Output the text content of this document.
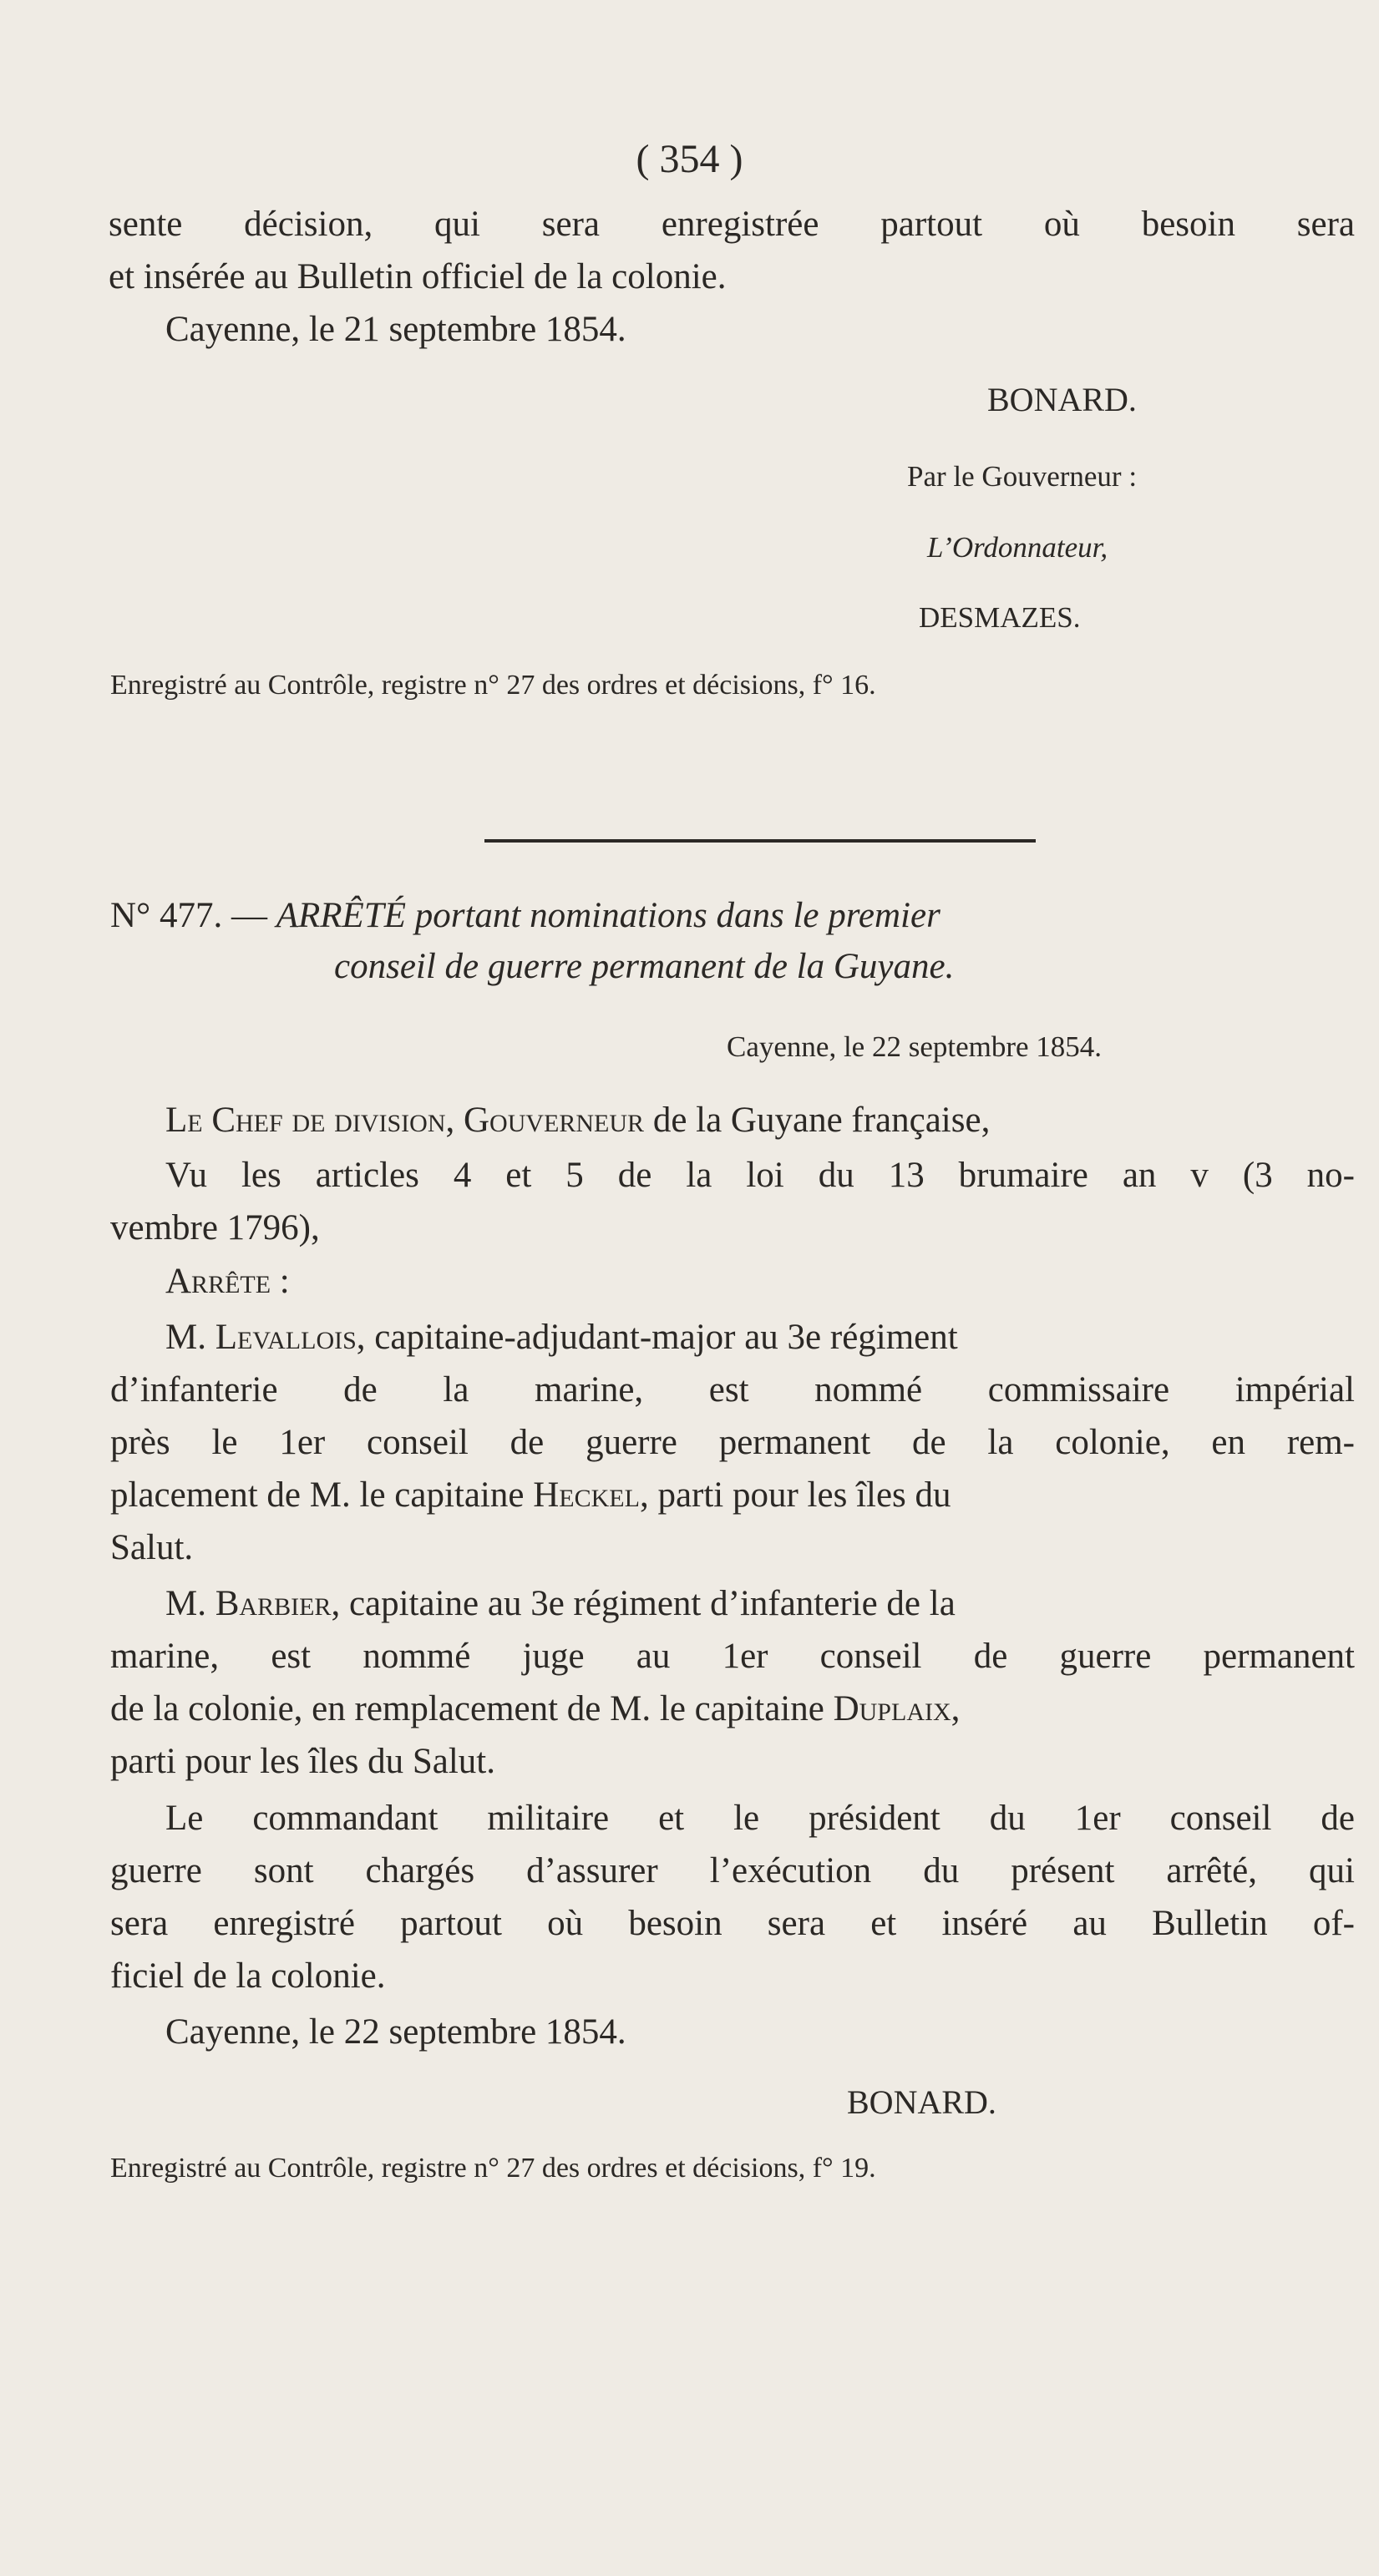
( 354 )
sente décision, qui sera enregistrée partout où besoin sera
et insérée au Bulletin officiel de la colonie.
Cayenne, le 21 septembre 1854.
BONARD.
Par le Gouverneur :
L’Ordonnateur,
DESMAZES.
Enregistré au Contrôle, registre n° 27 des ordres et décisions, f° 16.
N° 477. — ARRÊTÉ portant nominations dans le premier
conseil de guerre permanent de la Guyane.
Cayenne, le 22 septembre 1854.
Le Chef de division, Gouverneur de la Guyane française,
Vu les articles 4 et 5 de la loi du 13 brumaire an v (3 no-
vembre 1796),
Arrête :
M. Levallois, capitaine-adjudant-major au 3e régiment
d’infanterie de la marine, est nommé commissaire impérial
près le 1er conseil de guerre permanent de la colonie, en rem-
placement de M. le capitaine Heckel, parti pour les îles du
Salut.
M. Barbier, capitaine au 3e régiment d’infanterie de la
marine, est nommé juge au 1er conseil de guerre permanent
de la colonie, en remplacement de M. le capitaine Duplaix,
parti pour les îles du Salut.
Le commandant militaire et le président du 1er conseil de
guerre sont chargés d’assurer l’exécution du présent arrêté, qui
sera enregistré partout où besoin sera et inséré au Bulletin of-
ficiel de la colonie.
Cayenne, le 22 septembre 1854.
BONARD.
Enregistré au Contrôle, registre n° 27 des ordres et décisions, f° 19.
